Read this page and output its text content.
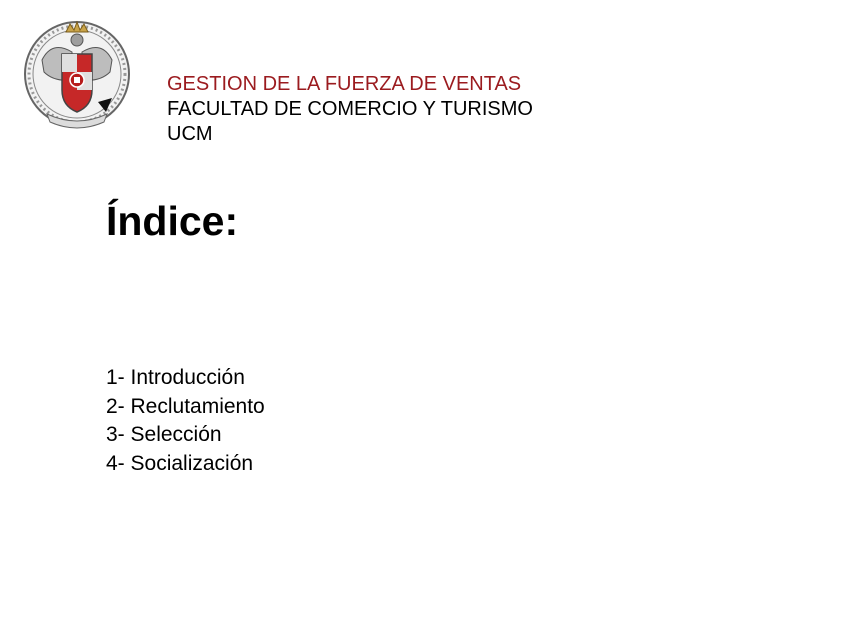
GESTION DE LA FUERZA DE VENTAS
FACULTAD DE COMERCIO Y TURISMO
UCM
Índice:
1- Introducción
2- Reclutamiento
3- Selección
4- Socialización
